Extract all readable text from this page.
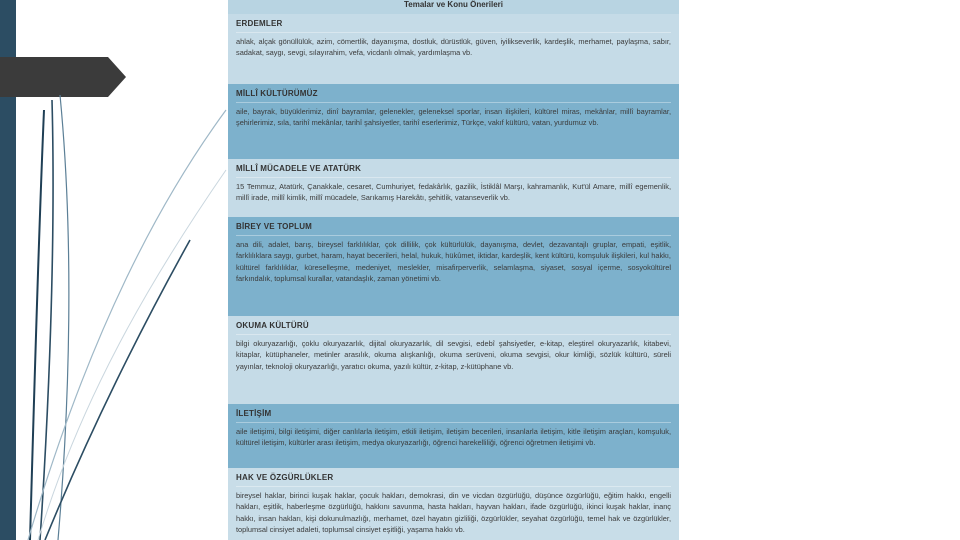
Temalar ve Konu Önerileri
ERDEMLER
ahlak, alçak gönüllülük, azim, cömertlik, dayanışma, dostluk, dürüstlük, güven, iyilikseverlik, kardeşlik, merhamet, paylaşma, sabır, sadakat, saygı, sevgi, sılayırahim, vefa, vicdanlı olmak, yardımlaşma vb.
MİLLÎ KÜLTÜRÜMÜZ
aile, bayrak, büyüklerimiz, dinî bayramlar, gelenekler, geleneksel sporlar, insan ilişkileri, kültürel miras, mekânlar, millî bayramlar, şehirlerimiz, sıla, tarihî mekânlar, tarihî şahsiyetler, tarihî eserlerimiz, Türkçe, vakıf kültürü, vatan, yurdumuz vb.
MİLLÎ MÜCADELE VE ATATÜRK
15 Temmuz, Atatürk, Çanakkale, cesaret, Cumhuriyet, fedakârlık, gazilik, İstiklâl Marşı, kahramanlık, Kut'ül Amare, millî egemenlik, millî irade, millî kimlik, millî mücadele, Sarıkamış Harekâtı, şehitlik, vatanseverlik vb.
BİREY VE TOPLUM
ana dili, adalet, barış, bireysel farklılıklar, çok dillilik, çok kültürlülük, dayanışma, devlet, dezavantajlı gruplar, empati, eşitlik, farklılıklara saygı, gurbet, haram, hayat becerileri, helal, hukuk, hükûmet, iktidar, kardeşlik, kent kültürü, komşuluk ilişkileri, kul hakkı, kültürel farklılıklar, küreselleşme, medeniyet, meslekler, misafirperverlik, selamlaşma, siyaset, sosyal içerme, sosyokültürel farkındalık, toplumsal kurallar, vatandaşlık, zaman yönetimi vb.
OKUMA KÜLTÜRÜ
bilgi okuryazarlığı, çoklu okuryazarlık, dijital okuryazarlık, dil sevgisi, edebî şahsiyetler, e-kitap, eleştirel okuryazarlık, kitabevi, kitaplar, kütüphaneler, metinler arasılık, okuma alışkanlığı, okuma serüveni, okuma sevgisi, okur kimliği, sözlük kültürü, süreli yayınlar, teknoloji okuryazarlığı, yaratıcı okuma, yazılı kültür, z-kitap, z-kütüphane vb.
İLETİŞİM
aile iletişimi, bilgi iletişimi, diğer canlılarla iletişim, etkili iletişim, iletişim becerileri, insanlarla iletişim, kitle iletişim araçları, komşuluk, kültürel iletişim, kültürler arası iletişim, medya okuryazarlığı, öğrenci harekelliliği, öğrenci öğretmen iletişimi vb.
HAK VE ÖZGÜRLÜKLER
bireysel haklar, birinci kuşak haklar, çocuk hakları, demokrasi, din ve vicdan özgürlüğü, düşünce özgürlüğü, eğitim hakkı, engelli hakları, eşitlik, haberleşme özgürlüğü, hakkını savunma, hasta hakları, hayvan hakları, ifade özgürlüğü, ikinci kuşak haklar, inanç hakkı, insan hakları, kişi dokunulmazlığı, merhamet, özel hayatın gizliliği, özgürlükler, seyahat özgürlüğü, temel hak ve özgürlükler, toplumsal cinsiyet adaleti, toplumsal cinsiyet eşitliği, yaşama hakkı vb.
